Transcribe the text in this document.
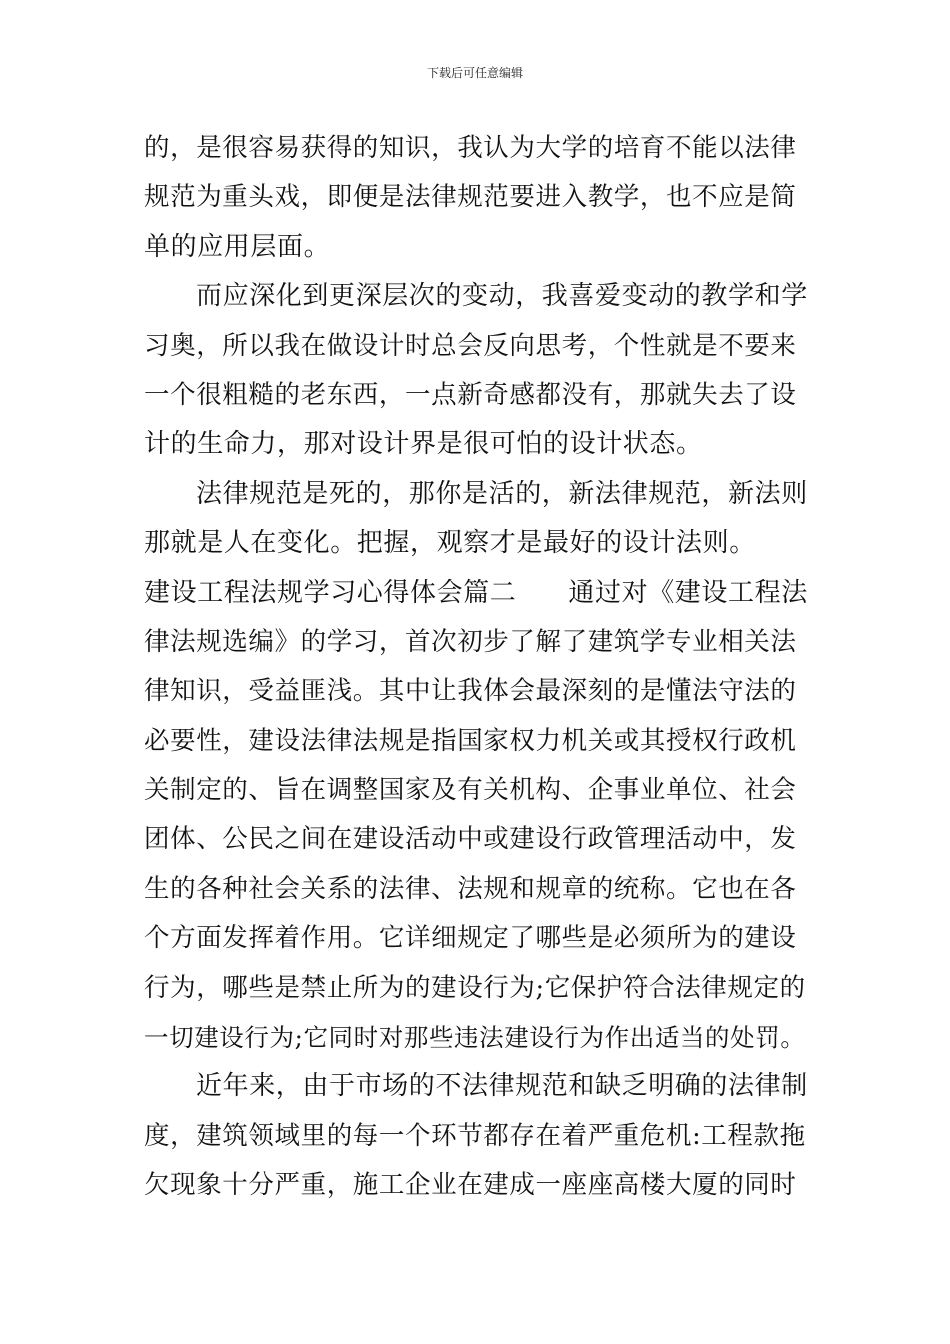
下载后可任意编辑
的，是很容易获得的知识，我认为大学的培育不能以法律
规范为重头戏，即便是法律规范要进入教学，也不应是简
单的应用层面。
而应深化到更深层次的变动，我喜爱变动的教学和学
习奥，所以我在做设计时总会反向思考，个性就是不要来
一个很粗糙的老东西，一点新奇感都没有，那就失去了设
计的生命力，那对设计界是很可怕的设计状态。
法律规范是死的，那你是活的，新法律规范，新法则
那就是人在变化。把握，观察才是最好的设计法则。
建设工程法规学习心得体会篇二 通过对《建设工程法
律法规选编》的学习，首次初步了解了建筑学专业相关法
律知识，受益匪浅。其中让我体会最深刻的是懂法守法的
必要性，建设法律法规是指国家权力机关或其授权行政机
关制定的、旨在调整国家及有关机构、企事业单位、社会
团体、公民之间在建设活动中或建设行政管理活动中，发
生的各种社会关系的法律、法规和规章的统称。它也在各
个方面发挥着作用。它详细规定了哪些是必须所为的建设
行为，哪些是禁止所为的建设行为;它保护符合法律规定的
一切建设行为;它同时对那些违法建设行为作出适当的处罚。
近年来，由于市场的不法律规范和缺乏明确的法律制
度，建筑领域里的每一个环节都存在着严重危机:工程款拖
欠现象十分严重，施工企业在建成一座座高楼大厦的同时
